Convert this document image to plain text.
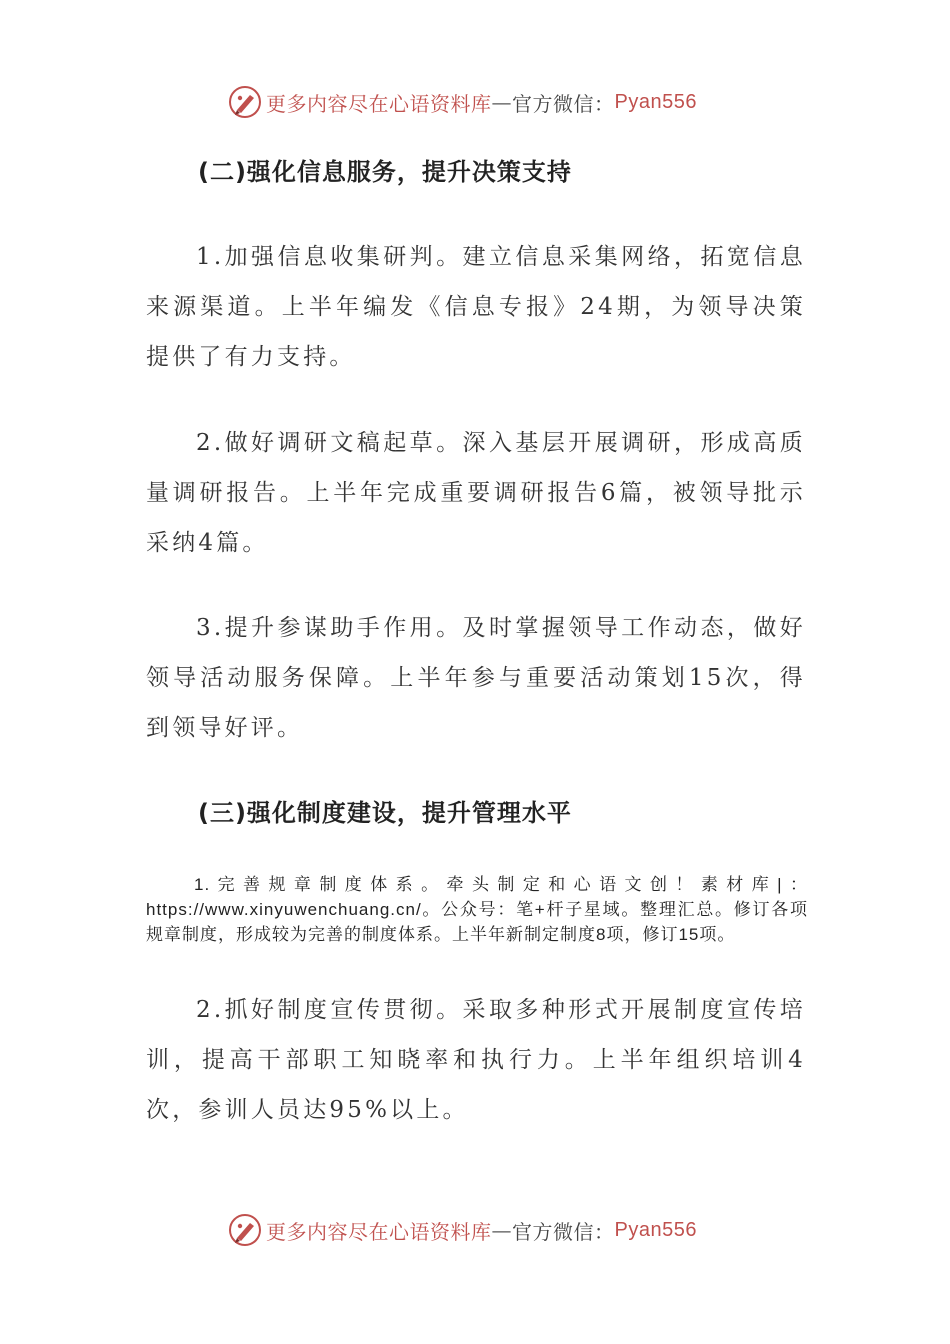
更多内容尽在心语资料库 — 官方微信： Pyan556
(二)强化信息服务，提升决策支持

1.加强信息收集研判。建立信息采集网络，拓宽信息来源渠道。上半年编发《信息专报》24期，为领导决策提供了有力支持。

2.做好调研文稿起草。深入基层开展调研，形成高质量调研报告。上半年完成重要调研报告6篇，被领导批示采纳4篇。

3.提升参谋助手作用。及时掌握领导工作动态，做好领导活动服务保障。上半年参与重要活动策划15次，得到领导好评。

(三)强化制度建设，提升管理水平

1.完善规章制度体系。牵头制定和心语文创！素材库|：https://www.xinyuwenchuang.cn/。公众号：笔+杆子星域。整理汇总。修订各项规章制度，形成较为完善的制度体系。上半年新制定制度8项，修订15项。

2.抓好制度宣传贯彻。采取多种形式开展制度宣传培训，提高干部职工知晓率和执行力。上半年组织培训4次，参训人员达95%以上。

更多内容尽在心语资料库 — 官方微信： Pyan556
